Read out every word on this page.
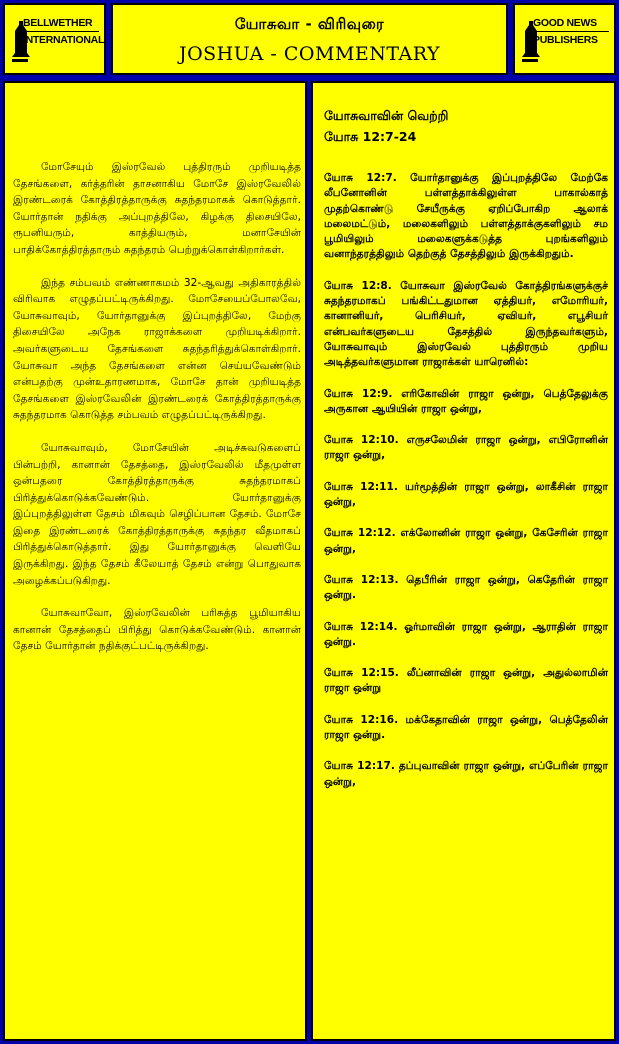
BELLWETHER
INTERNATIONAL
யோசுவா - விரிவுரை
JOSHUA - COMMENTARY
GOOD NEWS
PUBLISHERS

மோசேயும் இஸ்ரவேல் புத்திரரும் முறியடித்த தேசங்களை, கர்த்தரின் தாசனாகிய மோசே இஸ்ரவேலில் இரண்டரைக் கோத்திரத்தாருக்கு சுதந்தரமாகக் கொடுத்தார். யோர்தான் நதிக்கு அப்புறத்திலே, கிழக்கு திசையிலே, ரூபனியரும், காத்தியரும், மனாசேயின் பாதிக்கோத்திரத்தாரும் சுதந்தரம் பெற்றுக்கொள்கிறார்கள்.

இந்த சம்பவம் எண்ணாகமம் 32-ஆவது அதிகாரத்தில் விரிவாக எழுதப்பட்டிருக்கிறது. மோசேயைப்போலவே, யோசுவாவும், யோர்தானுக்கு இப்புறத்திலே, மேற்கு திசையிலே அநேக ராஜாக்களை முறியடிக்கிறார். அவர்களுடைய தேசங்களை சுதந்தரித்துக்கொள்கிறார். யோசுவா அந்த தேசங்களை என்ன செய்யவேண்டும் என்பதற்கு முன்உதாரணமாக, மோசே தான் முறியடித்த தேசங்களை இஸ்ரவேலின் இரண்டரைக் கோத்திரத்தாருக்கு சுதந்தரமாக கொடுத்த சம்பவம் எழுதப்பட்டிருக்கிறது.

யோசுவாவும், மோசேயின் அடிச்சுவடுகளைப் பின்பற்றி, கானான் தேசத்தை, இஸ்ரவேலில் மீதமுள்ள ஒன்பதரை கோத்திரத்தாருக்கு சுதந்தரமாகப் பிரித்துக்கொடுக்கவேண்டும். யோர்தானுக்கு இப்புறத்திலுள்ள தேசம் மிகவும் செழிப்பான தேசம். மோசே இதை இரண்டரைக் கோத்திரத்தாருக்கு சுதந்தர வீதமாகப் பிரித்துக்கொடுத்தார். இது யோர்தானுக்கு வெளியே இருக்கிறது. இந்த தேசம் கீலேயாத் தேசம் என்று பொதுவாக அழைக்கப்படுகிறது.

யோசுவாவோ, இஸ்ரவேலின் பரிசுத்த பூமியாகிய கானான் தேசத்தைப் பிரித்து கொடுக்கவேண்டும். கானான் தேசம் யோர்தான் நதிக்குட்பட்டிருக்கிறது.

யோசுவாவின் வெற்றி
யோசு 12:7-24

யோசு 12:7. யோர்தானுக்கு இப்புறத்திலே மேற்கே லீபனோனின் பள்ளத்தாக்கிலுள்ள பாகால்காத் முதற்கொண்டு சேயீருக்கு ஏறிப்போகிற ஆலாக் மலைமட்டும், மலைகளிலும் பள்ளத்தாக்குகளிலும் சம பூமியிலும் மலைகளுக்கடுத்த புறங்களிலும் வனாந்தரத்திலும் தெற்குத் தேசத்திலும் இருக்கிறதும்.

யோசு 12:8. யோசுவா இஸ்ரவேல் கோத்திரங்களுக்குச் சுதந்தரமாகப் பங்கிட்டதுமான ஏத்தியர், எமோரியர், கானானியர், பெரிசியர், ஏவியர், எபூசியர் என்பவர்களுடைய தேசத்தில் இருந்தவர்களும், யோசுவாவும் இஸ்ரவேல் புத்திரரும் முறிய அடித்தவர்களுமான ராஜாக்கள் யாரெனில்:

யோசு 12:9. எரிகோவின் ராஜா ஒன்று, பெத்தேலுக்கு அருகான ஆயியின் ராஜா ஒன்று,

யோசு 12:10. எருசலேமின் ராஜா ஒன்று, எபிரோனின் ராஜா ஒன்று,

யோசு 12:11. யர்மூத்தின் ராஜா ஒன்று, லாகீசின் ராஜா ஒன்று,

யோசு 12:12. எக்லோனின் ராஜா ஒன்று, கேசேரின் ராஜா ஒன்று,

யோசு 12:13. தெபீரின் ராஜா ஒன்று, கெதேரின் ராஜா ஒன்று.

யோசு 12:14. ஓர்மாவின் ராஜா ஒன்று, ஆராதின் ராஜா ஒன்று.

யோசு 12:15. லீப்னாவின் ராஜா ஒன்று, அதுல்லாமின் ராஜா ஒன்று

யோசு 12:16. மக்கேதாவின் ராஜா ஒன்று, பெத்தேலின் ராஜா ஒன்று.

யோசு 12:17. தப்புவாவின் ராஜா ஒன்று, எப்பேரின் ராஜா ஒன்று,
